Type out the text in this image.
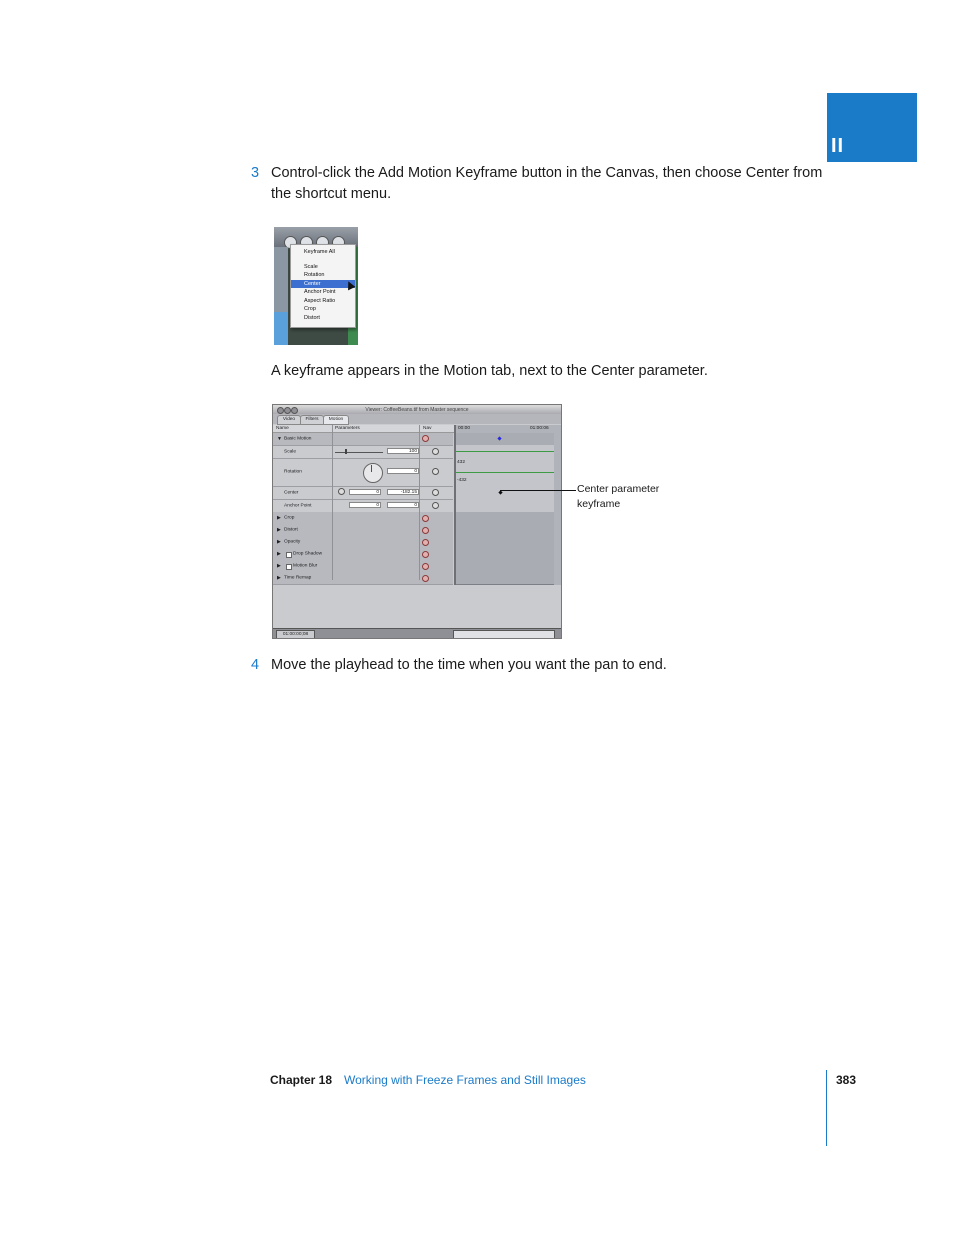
II
3 Control-click the Add Motion Keyframe button in the Canvas, then choose Center from the shortcut menu.
Keyframe All
Scale
Rotation
Center
Anchor Point
Aspect Ratio
Crop
Distort
A keyframe appears in the Motion tab, next to the Center parameter.
Viewer: CoffeeBeans.tif from Master sequence
Video	Filters	Motion
Name	Parameters	Nav
Basic Motion
▼
Scale	100
Rotation	0
Center	0	-182.15
Anchor Point	0	0
Crop
Distort
Opacity
Drop Shadow
Motion Blur
Time Remap
▶
▶
▶
▶
▶
▶
00:00	01:00:06
432
-432
01:00:00;08
Center parameter
keyframe
4 Move the playhead to the time when you want the pan to end.
Chapter 18 Working with Freeze Frames and Still Images	383
